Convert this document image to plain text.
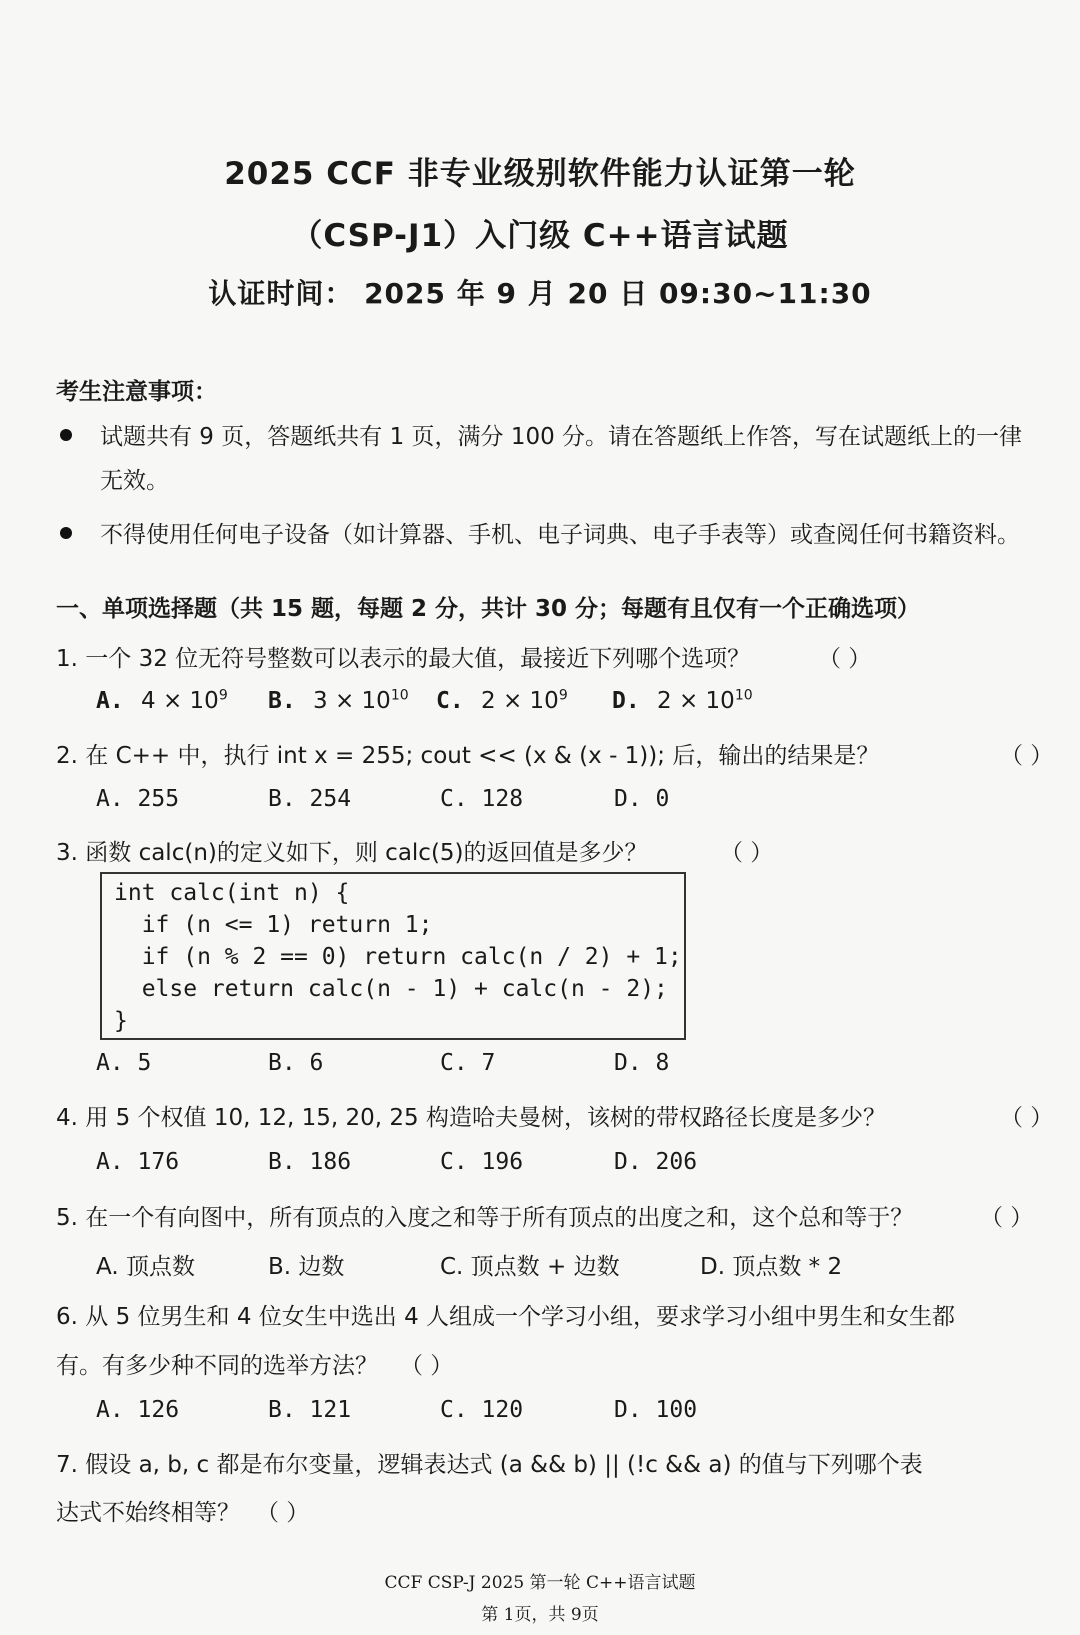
2025 CCF 非专业级别软件能力认证第一轮
（CSP-J1）入门级 C++语言试题
认证时间： 2025 年 9 月 20 日 09:30~11:30
考生注意事项：
试题共有 9 页，答题纸共有 1 页，满分 100 分。请在答题纸上作答，写在试题纸上的一律
无效。
不得使用任何电子设备（如计算器、手机、电子词典、电子手表等）或查阅任何书籍资料。
一、单项选择题（共 15 题，每题 2 分，共计 30 分；每题有且仅有一个正确选项）
1. 一个 32 位无符号整数可以表示的最大值，最接近下列哪个选项？	（ ）
A. $4 \times 10^9$ B. $3 \times 10^{10}$ C. $2 \times 10^9$ D. $2 \times 10^{10}$
2. 在 C++ 中，执行 int x = 255; cout << (x & (x - 1)); 后，输出的结果是？	（ ）
A. 255	B. 254	C. 128	D. 0
3. 函数 calc(n)的定义如下，则 calc(5)的返回值是多少？	（ ）
int calc(int n) {
if (n <= 1) return 1;
if (n % 2 == 0) return calc(n / 2) + 1;
else return calc(n - 1) + calc(n - 2);
}
A. 5	B. 6	C. 7	D. 8
4. 用 5 个权值 10, 12, 15, 20, 25 构造哈夫曼树，该树的带权路径长度是多少？	（ ）
A. 176	B. 186	C. 196	D. 206
5. 在一个有向图中，所有顶点的入度之和等于所有顶点的出度之和，这个总和等于？	（ ）
A. 顶点数	B. 边数	C. 顶点数 + 边数	D. 顶点数 * 2
6. 从 5 位男生和 4 位女生中选出 4 人组成一个学习小组，要求学习小组中男生和女生都
有。有多少种不同的选举方法？ （ ）
A. 126	B. 121	C. 120	D. 100
7. 假设 a, b, c 都是布尔变量，逻辑表达式 (a && b) || (!c && a) 的值与下列哪个表
达式不始终相等？ （ ）
CCF CSP-J 2025 第一轮 C++语言试题
第 1页，共 9页
